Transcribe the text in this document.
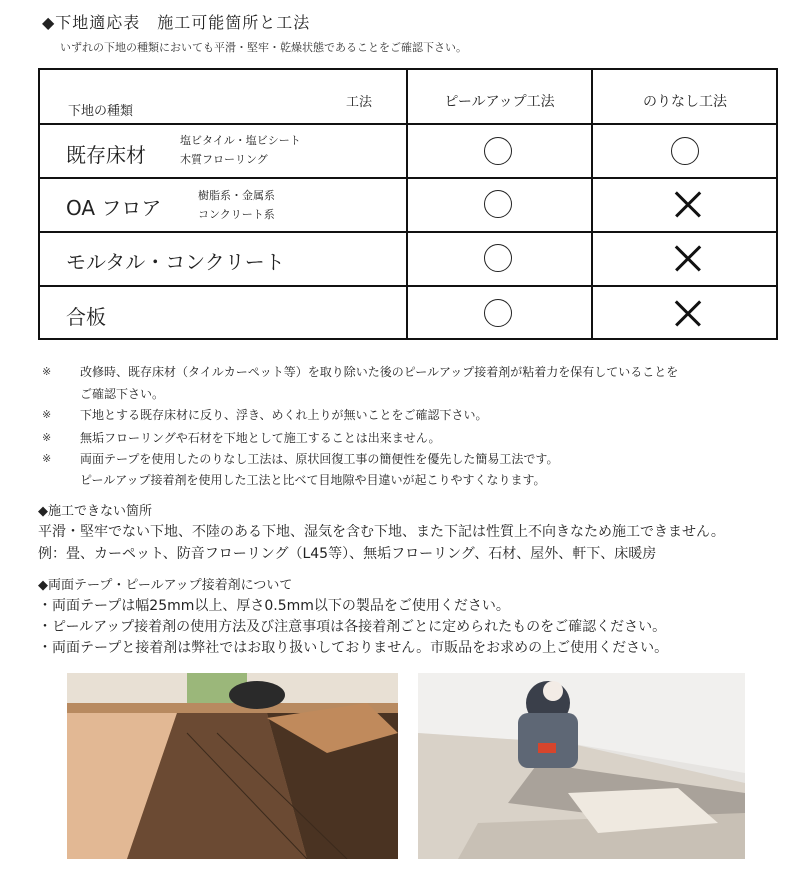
◆下地適応表　施工可能箇所と工法
いずれの下地の種類においても平滑・堅牢・乾燥状態であることをご確認下さい。
下地の種類
工法	ピールアップ工法	のりなし工法
既存床材
塩ビタイル・塩ビシート
木質フローリング
OA フロア
樹脂系・金属系
コンクリート系
モルタル・コンクリート
合板
※ 改修時、既存床材（タイルカーペット等）を取り除いた後のピールアップ接着剤が粘着力を保有していることを
ご確認下さい。
※ 下地とする既存床材に反り、浮き、めくれ上りが無いことをご確認下さい。
※ 無垢フローリングや石材を下地として施工することは出来ません。
※ 両面テープを使用したのりなし工法は、原状回復工事の簡便性を優先した簡易工法です。
ピールアップ接着剤を使用した工法と比べて目地隙や目違いが起こりやすくなります。
◆施工できない箇所
平滑・堅牢でない下地、不陸のある下地、湿気を含む下地、また下記は性質上不向きなため施工できません。
例：畳、カーペット、防音フローリング（L45等）、無垢フローリング、石材、屋外、軒下、床暖房
◆両面テープ・ピールアップ接着剤について
・両面テープは幅25mm以上、厚さ0.5mm以下の製品をご使用ください。
・ピールアップ接着剤の使用方法及び注意事項は各接着剤ごとに定められたものをご確認ください。
・両面テープと接着剤は弊社ではお取り扱いしておりません。市販品をお求めの上ご使用ください。
